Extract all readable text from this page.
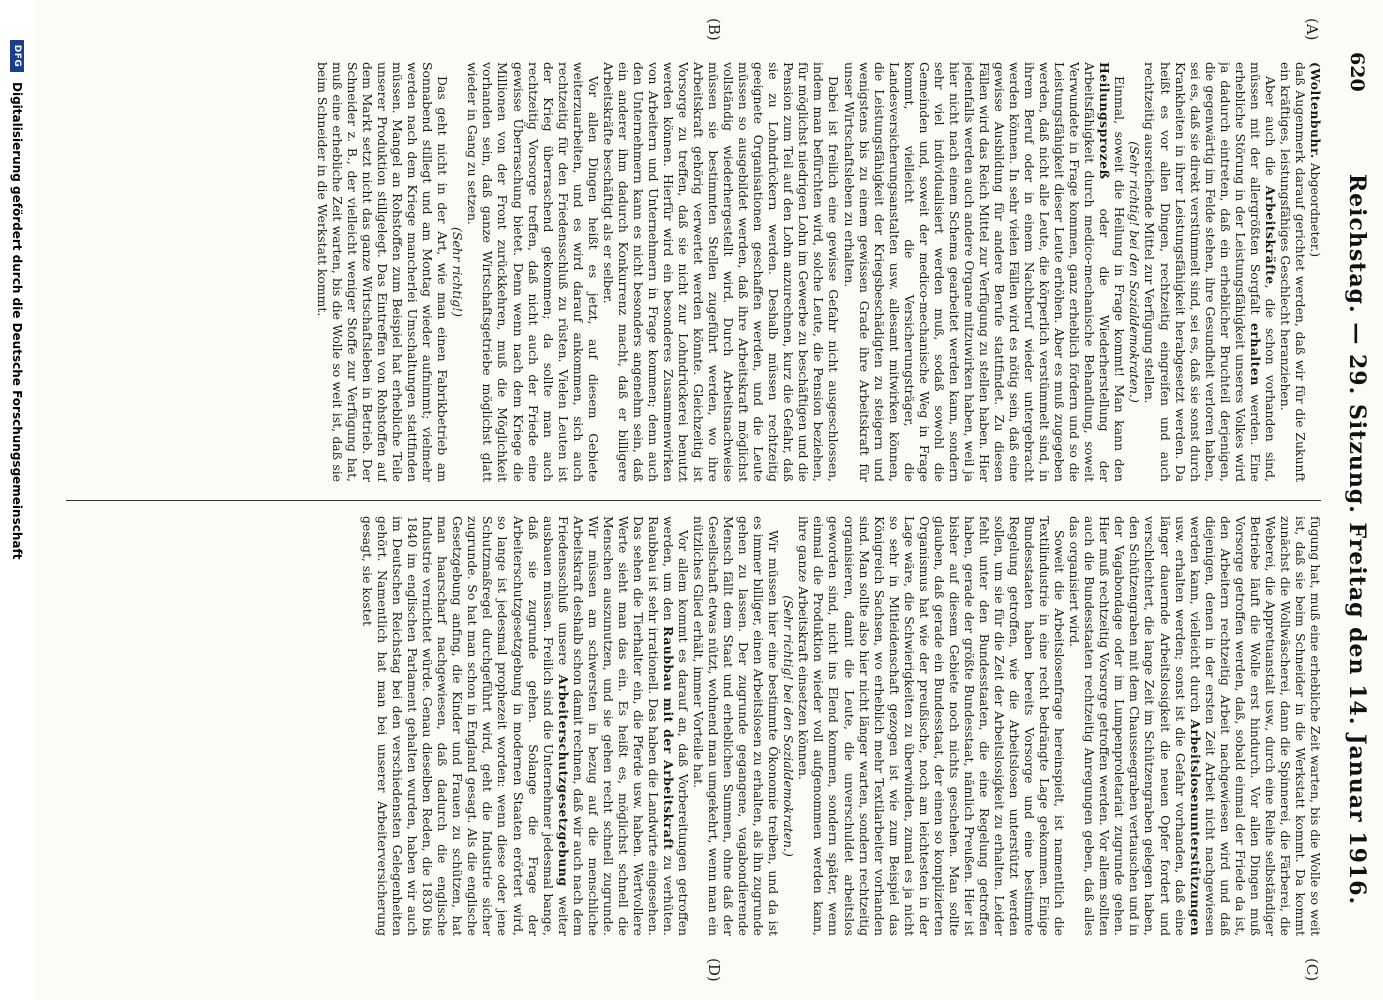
620
Reichstag. — 29. Sitzung. Freitag den 14. Januar 1916.
(A)
(B)
(C)
(D)

(Woltenbuhr. Abgeordneter.)

daß Augenmerk darauf gerichtet werden, daß wir für die Zukunft ein kräftiges, leistungsfähiges Geschlecht heranziehen.

Aber auch die Arbeitskräfte, die schon vorhanden sind, müssen mit der allergrößten Sorgfalt erhalten werden. Eine erhebliche Störung in der Leistungsfähigkeit unseres Volkes wird ja dadurch eintreten, daß ein erheblicher Bruchteil derjenigen, die gegenwärtig im Felde stehen, ihre Gesundheit verloren haben, sei es, daß sie direkt verstümmelt sind, sei es, daß sie sonst durch Krankheiten in ihrer Leistungsfähigkeit herabgesetzt werden. Da heißt es vor allen Dingen, rechtzeitig eingreifen und auch rechtzeitig ausreichende Mittel zur Verfügung stellen.

(Sehr richtig! bei den Sozialdemokraten.)

Einmal, soweit die Heilung in Frage kommt! Man kann den Heilungsprozeß oder die Wiederherstellung der Arbeitsfähigkeit durch medico-mechanische Behandlung, soweit Verwundete in Frage kommen, ganz erheblich fördern und so die Leistungsfähigkeit dieser Leute erhöhen. Aber es muß zugegeben werden, daß nicht alle Leute, die körperlich verstümmelt sind, in ihrem Beruf oder in einem Nachberuf wieder untergebracht werden können. In sehr vielen Fällen wird es nötig sein, daß eine gewisse Ausbildung für andere Berufe stattfindet. Zu diesen Fällen wird das Reich Mittel zur Verfügung zu stellen haben. Hier jedenfalls werden auch andere Organe mitzuwirken haben, weil ja hier nicht nach einem Schema gearbeitet werden kann, sondern sehr viel individualisiert werden muß, sodaß sowohl die Gemeinden und, soweit der medico-mechanische Weg in Frage kommt, vielleicht die Versicherungsträger, die Landesversicherungsanstalten usw. allesamt mitwirken können, die Leistungsfähigkeit der Kriegsbeschädigten zu steigern und wenigstens bis zu einem gewissen Grade ihre Arbeitskraft für unser Wirtschaftsleben zu erhalten.

Dabei ist freilich eine gewisse Gefahr nicht ausgeschlossen, indem man befürchten wird, solche Leute, die Pension beziehen, für möglichst niedrigen Lohn im Gewerbe zu beschäftigen und die Pension zum Teil auf den Lohn anzurechnen, kurz die Gefahr, daß sie zu Lohndrückern werden. Deshalb müssen rechtzeitig geeignete Organisationen geschaffen werden, und die Leute müssen so ausgebildet werden, daß ihre Arbeitskraft möglichst vollständig wiederhergestellt wird. Durch Arbeitsnachweise müssen sie bestimmten Stellen zugeführt werden, wo ihre Arbeitskraft gehörig verwertet werden könnte. Gleichzeitig ist Vorsorge zu treffen, daß sie nicht zur Lohndrückerei benutzt werden können. Hierfür wird ein besonderes Zusammenwirken von Arbeitern und Unternehmern in Frage kommen; denn auch den Unternehmern kann es nicht besonders angenehm sein, daß ein anderer ihm dadurch Konkurrenz macht, daß er billigere Arbeitskräfte beschäftigt als er selber.

Vor allen Dingen heißt es jetzt, auf diesem Gebiete weiterzuarbeiten, und es wird darauf ankommen, sich auch rechtzeitig für den Friedensschluß zu rüsten. Vielen Leuten ist der Krieg überraschend gekommen; da sollte man auch rechtzeitig Vorsorge treffen, daß nicht auch der Friede eine gewisse Überraschung bietet. Denn wenn nach dem Kriege die Millionen von der Front zurückkehren, muß die Möglichkeit vorhanden sein, daß ganze Wirtschaftsgetriebe möglichst glatt wieder in Gang zu setzen.

(Sehr richtig!)

Das geht nicht in der Art, wie man einen Fabrikbetrieb am Sonnabend stillegt und am Montag wieder aufnimmt; vielmehr werden nach dem Kriege mancherlei Umschaltungen stattfinden müssen. Mangel an Rohstoffen zum Beispiel hat erhebliche Teile unserer Produktion stillgelegt. Das Eintreffen von Rohstoffen auf dem Markt setzt nicht das ganze Wirtschaftsleben in Betrieb. Der Schneider z. B., der vielleicht weniger Stoffe zur Verfügung hat, muß eine erhebliche Zeit warten, bis die Wolle so weit ist, daß sie beim Schneider in die Werkstatt kommt.

fügung hat, muß eine erhebliche Zeit warten, bis die Wolle so weit ist, daß sie beim Schneider in die Werkstatt kommt. Da kommt zunächst die Wollwäscherei, dann die Spinnerei, die Färberei, die Weberei, die Appretuanstalt usw., durch eine Reihe selbständiger Betriebe läuft die Wolle erst hindurch. Vor allen Dingen muß Vorsorge getroffen werden, daß, sobald einmal der Friede da ist, den Arbeitern rechtzeitig Arbeit nachgewiesen wird und daß diejenigen, denen in der ersten Zeit Arbeit nicht nachgewiesen werden kann, vielleicht durch Arbeitslosenunterstützungen usw. erhalten werden; sonst ist die Gefahr vorhanden, daß eine länger dauernde Arbeitslosigkeit die neuen Opfer fordert und verschlechtert, die lange Zeit im Schützengraben gelegen haben, den Schützengraben mit dem Chausseegraben vertauschen und in der Vagabondage oder im Lumpenproletariat zugrunde gehen. Hier muß rechtzeitig Vorsorge getroffen werden. Vor allem sollten auch die Bundesstaaten rechtzeitig Anregungen geben, daß alles das organisiert wird.

Soweit die Arbeitslosenfrage hereinspielt, ist namentlich die Textilindustrie in eine recht bedrängte Lage gekommen. Einige Bundesstaaten haben bereits Vorsorge und eine bestimmte Regelung getroffen, wie die Arbeitslosen unterstützt werden sollen, um sie für die Zeit der Arbeitslosigkeit zu erhalten. Leider fehlt unter den Bundesstaaten, die eine Regelung getroffen haben, gerade der größte Bundesstaat, nämlich Preußen. Hier ist bisher auf diesem Gebiete noch nichts geschehen. Man sollte glauben, daß gerade ein Bundesstaat, der einen so komplizierten Organismus hat wie der preußische, noch am leichtesten in der Lage wäre, die Schwierigkeiten zu überwinden, zumal es ja nicht so sehr in Mitleidenschaft gezogen ist wie zum Beispiel das Königreich Sachsen, wo erheblich mehr Textilarbeiter vorhanden sind. Man sollte also hier nicht länger warten, sondern rechtzeitig organisieren, damit die Leute, die unverschuldet arbeitslos geworden sind, nicht ins Elend kommen, sondern später, wenn einmal die Produktion wieder voll aufgenommen werden kann, ihre ganze Arbeitskraft einsetzen können.

(Sehr richtig! bei den Sozialdemokraten.)

Wir müssen hier eine bestimmte Ökonomie treiben, und da ist es immer billiger, einen Arbeitslosen zu erhalten, als ihn zugrunde gehen zu lassen. Der zugrunde gegangene, vagabondierende Mensch fällt dem Staat und erheblichen Summen, ohne daß der Gesellschaft etwas nützt, wohnend man umgekehrt, wenn man ein nützliches Glied erhält, immer Vorteile hat.

Vor allem kommt es darauf an, daß Vorbereitungen getroffen werden, um den Raubbau mit der Arbeitskraft zu verhüten. Raubbau ist sehr irrationell. Das haben die Landwirte eingesehen. Das sehen die Tierhalter ein, die Pferde usw. haben. Wertvollere Werte sieht man das ein. Es heißt es, möglichst schnell die Menschen auszunutzen, und sie gehen recht schnell zugrunde. Wir müssen am schwersten in bezug auf die menschliche Arbeitskraft deshalb schon damit rechnen, daß wir auch nach dem Friedensschluß unsere Arbeiterschutzgesetzgebung weiter ausbauen müssen. Freilich sind die Unternehmer jedesmal bange, daß sie zugrunde gehen. Solange die Frage der Arbeiterschutzgesetzgebung in modernen Staaten erörtert wird, so lange ist jedesmal prophezeit worden: wenn diese oder jene Schutzmaßregel durchgeführt wird, geht die Industrie sicher zugrunde. So hat man schon in England gesagt. Als die englische Gesetzgebung anfing, die Kinder und Frauen zu schützen, hat man haarscharf nachgewiesen, daß dadurch die englische Industrie vernichtet würde. Genau dieselben Reden, die 1830 bis 1840 im englischen Parlament gehalten wurden, haben wir auch im Deutschen Reichstag bei den verschiedensten Gelegenheiten gehört. Namentlich hat man bei unserer Arbeiterversicherung gesagt, sie kostet

DFG
Digitalisierung gefördert durch die Deutsche Forschungsgemeinschaft
